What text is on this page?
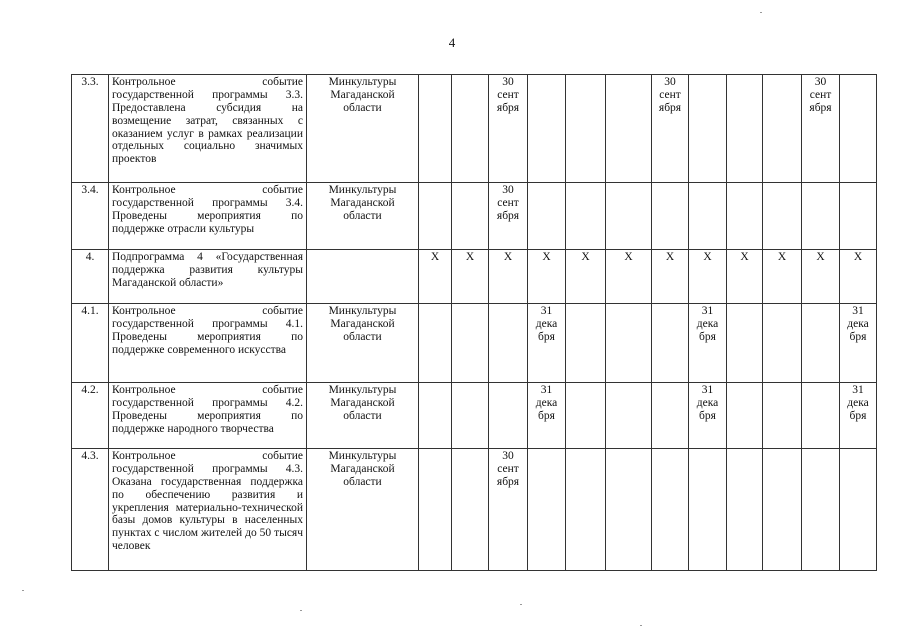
4
3.3.	Контрольное событие государственной программы 3.3. Предоставлена субсидия на возмещение затрат, связанных с оказанием услуг в рамках реализации отдельных социально значимых проектов	Минкультуры Магаданской области			30 сент ября				30 сент ября				30 сент ября	
3.4.	Контрольное событие государственной программы 3.4. Проведены мероприятия по поддержке отрасли культуры	Минкультуры Магаданской области			30 сент ября									
4.	Подпрограмма 4 «Государственная поддержка развития культуры Магаданской области»		X	X	X	X	X	X	X	X	X	X	X	X
4.1.	Контрольное событие государственной программы 4.1. Проведены мероприятия по поддержке современного искусства	Минкультуры Магаданской области				31 дека бря				31 дека бря				31 дека бря
4.2.	Контрольное событие государственной программы 4.2. Проведены мероприятия по поддержке народного творчества	Минкультуры Магаданской области				31 дека бря				31 дека бря				31 дека бря
4.3.	Контрольное событие государственной программы 4.3. Оказана государственная поддержка по обеспечению развития и укрепления материально-технической базы домов культуры в населенных пунктах с числом жителей до 50 тысяч человек	Минкультуры Магаданской области			30 сент ября									
